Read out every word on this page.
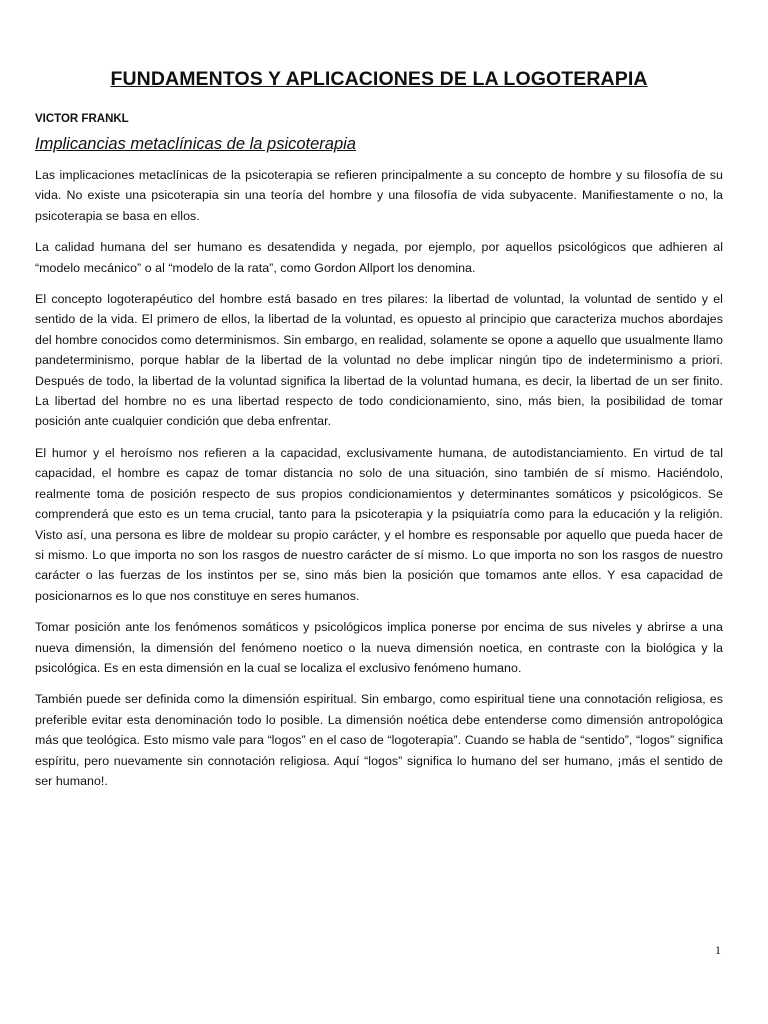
FUNDAMENTOS Y APLICACIONES DE LA LOGOTERAPIA
VICTOR FRANKL
Implicancias metaclínicas de la psicoterapia

Las implicaciones metaclínicas de la psicoterapia se refieren principalmente a su concepto de hombre y su filosofía de su vida. No existe una psicoterapia sin una teoría del hombre y una filosofía de vida subyacente. Manifiestamente o no, la psicoterapia se basa en ellos.

La calidad humana del ser humano es desatendida y negada, por ejemplo, por aquellos psicológicos que adhieren al “modelo mecánico” o al “modelo de la rata”, como Gordon Allport los denomina.

El concepto logoterapéutico del hombre está basado en tres pilares: la libertad de voluntad, la voluntad de sentido y el sentido de la vida. El primero de ellos, la libertad de la voluntad, es opuesto al principio que caracteriza muchos abordajes del hombre conocidos como determinismos. Sin embargo, en realidad, solamente se opone a aquello que usualmente llamo pandeterminismo, porque hablar de la libertad de la voluntad no debe implicar ningún tipo de indeterminismo a priori. Después de todo, la libertad de la voluntad significa la libertad de la voluntad humana, es decir, la libertad de un ser finito. La libertad del hombre no es una libertad respecto de todo condicionamiento, sino, más bien, la posibilidad de tomar posición ante cualquier condición que deba enfrentar.

El humor y el heroísmo nos refieren a la capacidad, exclusivamente humana, de autodistanciamiento. En virtud de tal capacidad, el hombre es capaz de tomar distancia no solo de una situación, sino también de sí mismo. Haciéndolo, realmente toma de posición respecto de sus propios condicionamientos y determinantes somáticos y psicológicos. Se comprenderá que esto es un tema crucial, tanto para la psicoterapia y la psiquiatría como para la educación y la religión. Visto así, una persona es libre de moldear su propio carácter, y el hombre es responsable por aquello que pueda hacer de si mismo. Lo que importa no son los rasgos de nuestro carácter de sí mismo. Lo que importa no son los rasgos de nuestro carácter o las fuerzas de los instintos per se, sino más bien la posición que tomamos ante ellos. Y esa capacidad de posicionarnos es lo que nos constituye en seres humanos.

Tomar posición ante los fenómenos somáticos y psicológicos implica ponerse por encima de sus niveles y abrirse a una nueva dimensión, la dimensión del fenómeno noetico o la nueva dimensión noetica, en contraste con la biológica y la psicológica. Es en esta dimensión en la cual se localiza el exclusivo fenómeno humano.

También puede ser definida como la dimensión espiritual. Sin embargo, como espiritual tiene una connotación religiosa, es preferible evitar esta denominación todo lo posible. La dimensión noética debe entenderse como dimensión antropológica más que teológica. Esto mismo vale para “logos” en el caso de “logoterapia”. Cuando se habla de “sentido”, “logos” significa espíritu, pero nuevamente sin connotación religiosa. Aquí “logos” significa lo humano del ser humano, ¡más el sentido de ser humano!.

1
